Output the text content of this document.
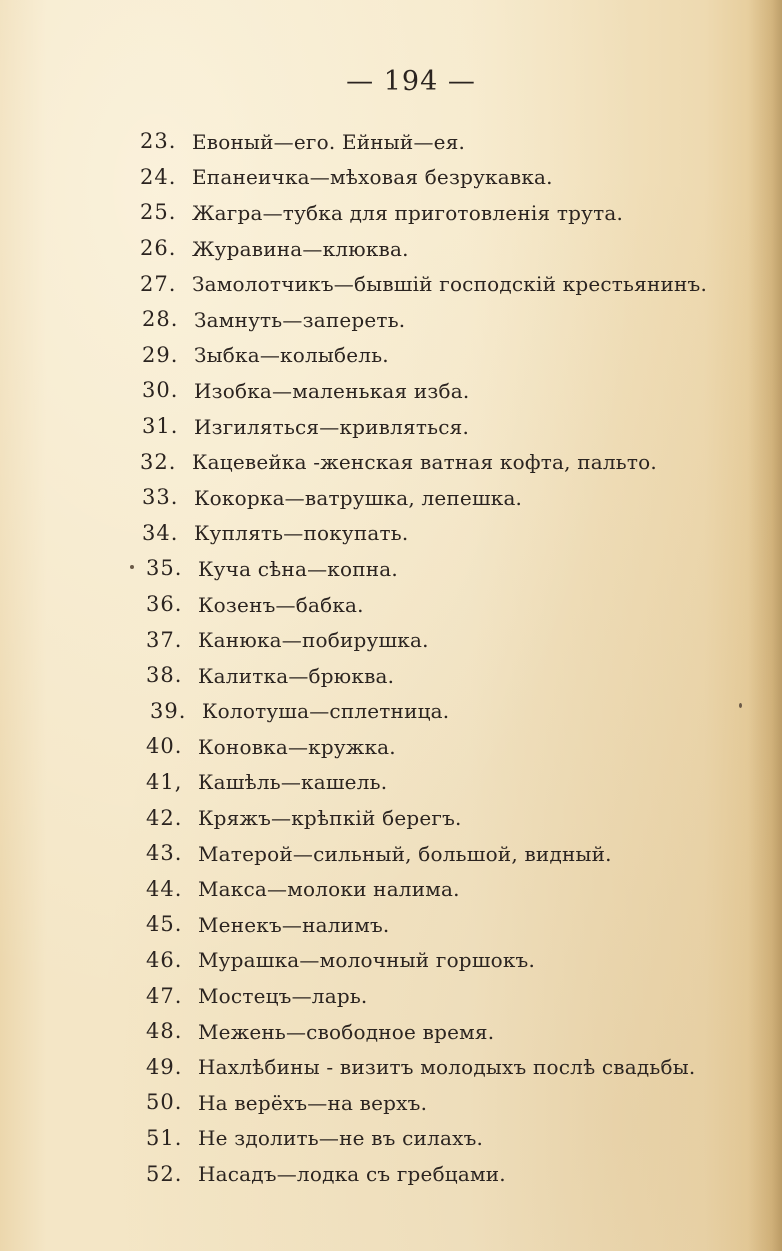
— 194 —
23. Евоный—его. Ейный—ея.
24. Епанеичка—мѣховая безрукавка.
25. Жагра—тубка для приготовленія трута.
26. Журавина—клюква.
27. Замолотчикъ—бывшій господскій крестьянинъ.
28. Замнуть—запереть.
29. Зыбка—колыбель.
30. Изобка—маленькая изба.
31. Изгиляться—кривляться.
32. Кацевейка -женская ватная кофта, пальто.
33. Кокорка—ватрушка, лепешка.
34. Куплять—покупать.
35. Куча сѣна—копна.
36. Козенъ—бабка.
37. Канюка—побирушка.
38. Калитка—брюква.
39. Колотуша—сплетница.
40. Коновка—кружка.
41, Кашѣль—кашель.
42. Кряжъ—крѣпкій берегъ.
43. Матерой—сильный, большой, видный.
44. Макса—молоки налима.
45. Менекъ—налимъ.
46. Мурашка—молочный горшокъ.
47. Мостецъ—ларь.
48. Межень—свободное время.
49. Нахлѣбины - визитъ молодыхъ послѣ свадьбы.
50. На верёхъ—на верхъ.
51. Не здолить—не въ силахъ.
52. Насадъ—лодка съ гребцами.
